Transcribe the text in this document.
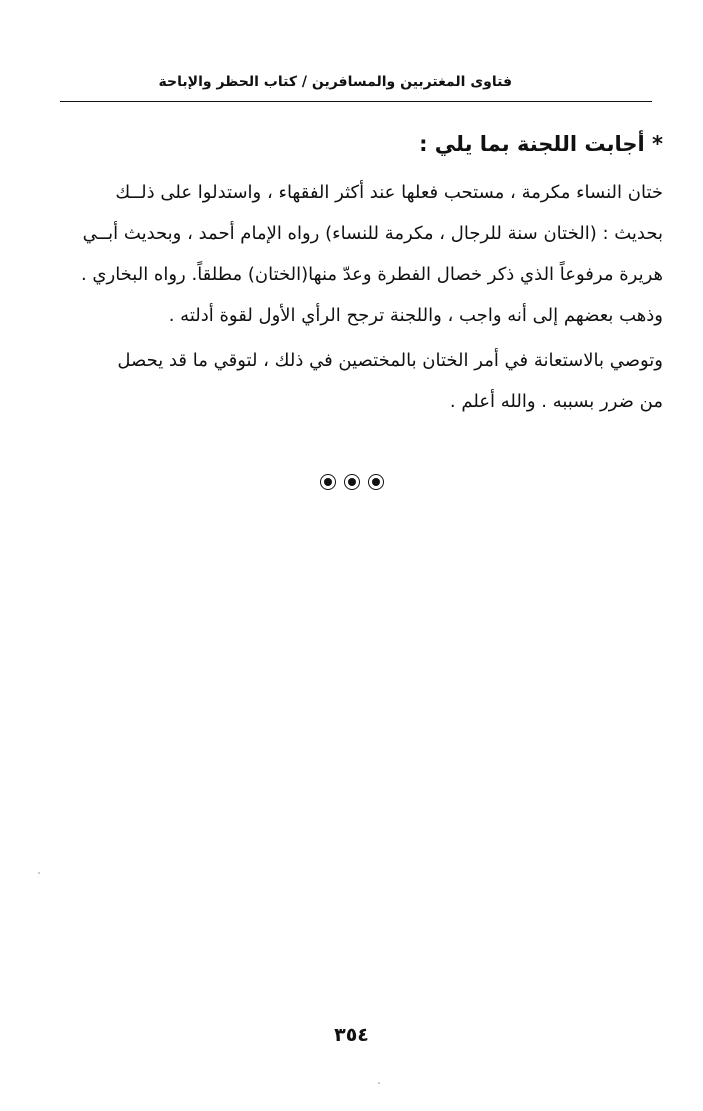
فتاوى المغتربين والمسافرين / كتاب الحظر والإباحة
* أجابت اللجنة بما يلي :
ختان النساء مكرمة ، مستحب فعلها عند أكثر الفقهاء ، واستدلوا على ذلــك
بحديث : (الختان سنة للرجال ، مكرمة للنساء) رواه الإمام أحمد ، وبحديث أبــي
هريرة مرفوعاً الذي ذكر خصال الفطرة وعدّ منها(الختان) مطلقاً. رواه البخاري .
وذهب بعضهم إلى أنه واجب ، واللجنة ترجح الرأي الأول لقوة أدلته .
وتوصي بالاستعانة في أمر الختان بالمختصين في ذلك ، لتوقي ما قد يحصل
من ضرر بسببه . والله أعلم .
٣٥٤
